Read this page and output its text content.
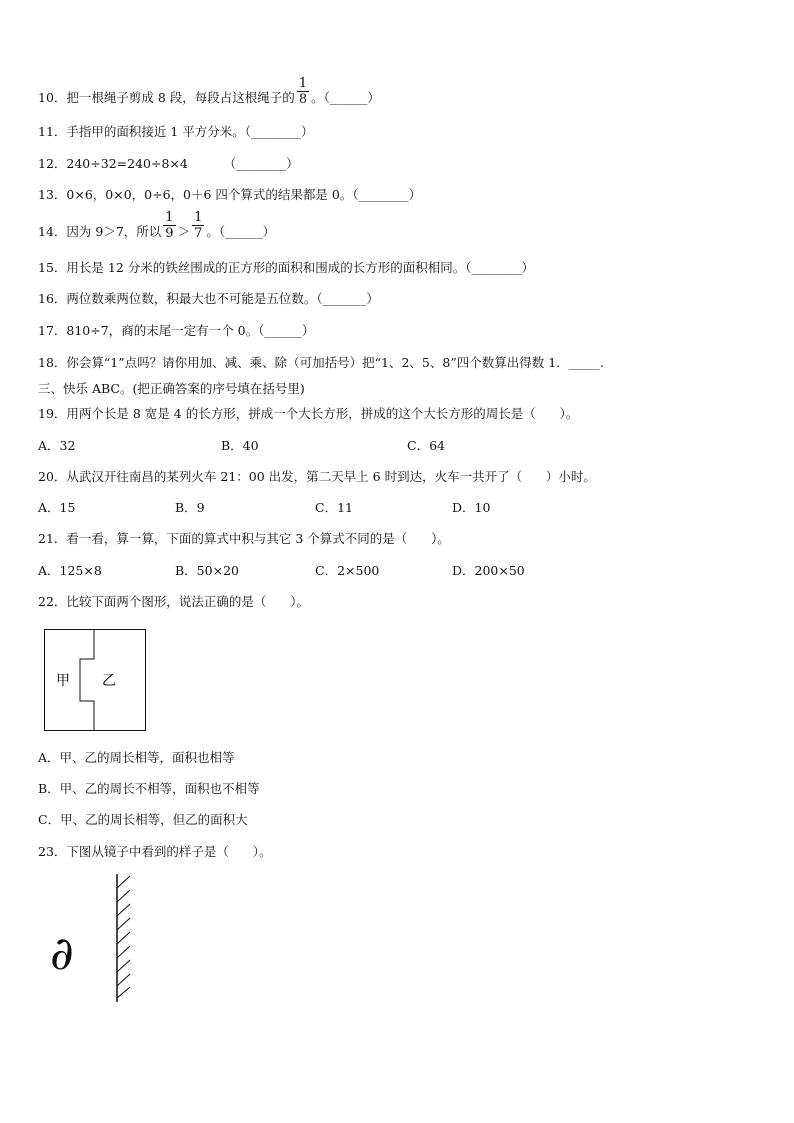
10．把一根绳子剪成 8 段，每段占这根绳子的 $\frac{1}{8}$ 。（______）
11．手指甲的面积接近 1 平方分米。（________）
12．240÷32=240÷8×4         （________）
13．0×6，0×0，0÷6，0＋6 四个算式的结果都是 0。（________）
14．因为 9＞7，所以 $\frac{1}{9} > \frac{1}{7}$ 。（______）
15．用长是 12 分米的铁丝围成的正方形的面积和围成的长方形的面积相同。（________）
16．两位数乘两位数，积最大也不可能是五位数。（_______）
17．810÷7，商的末尾一定有一个 0。（______）
18．你会算“1”点吗？请你用加、减、乘、除（可加括号）把“1、2、5、8”四个数算出得数 1．_____.
三、快乐 ABC。(把正确答案的序号填在括号里)
19．用两个长是 8 宽是 4 的长方形，拼成一个大长方形，拼成的这个大长方形的周长是（      ）。
A．32	B．40	C．64
20．从武汉开往南昌的某列火车 21：00 出发，第二天早上 6 时到达，火车一共开了（      ）小时。
A．15	B．9	C．11	D．10
21．看一看，算一算，下面的算式中积与其它 3 个算式不同的是（      ）。
A．125×8	B．50×20	C．2×500	D．200×50
22．比较下面两个图形，说法正确的是（      ）。
甲 乙
A．甲、乙的周长相等，面积也相等
B．甲、乙的周长不相等，面积也不相等
C．甲、乙的周长相等，但乙的面积大
23．下图从镜子中看到的样子是（      ）。
∂
